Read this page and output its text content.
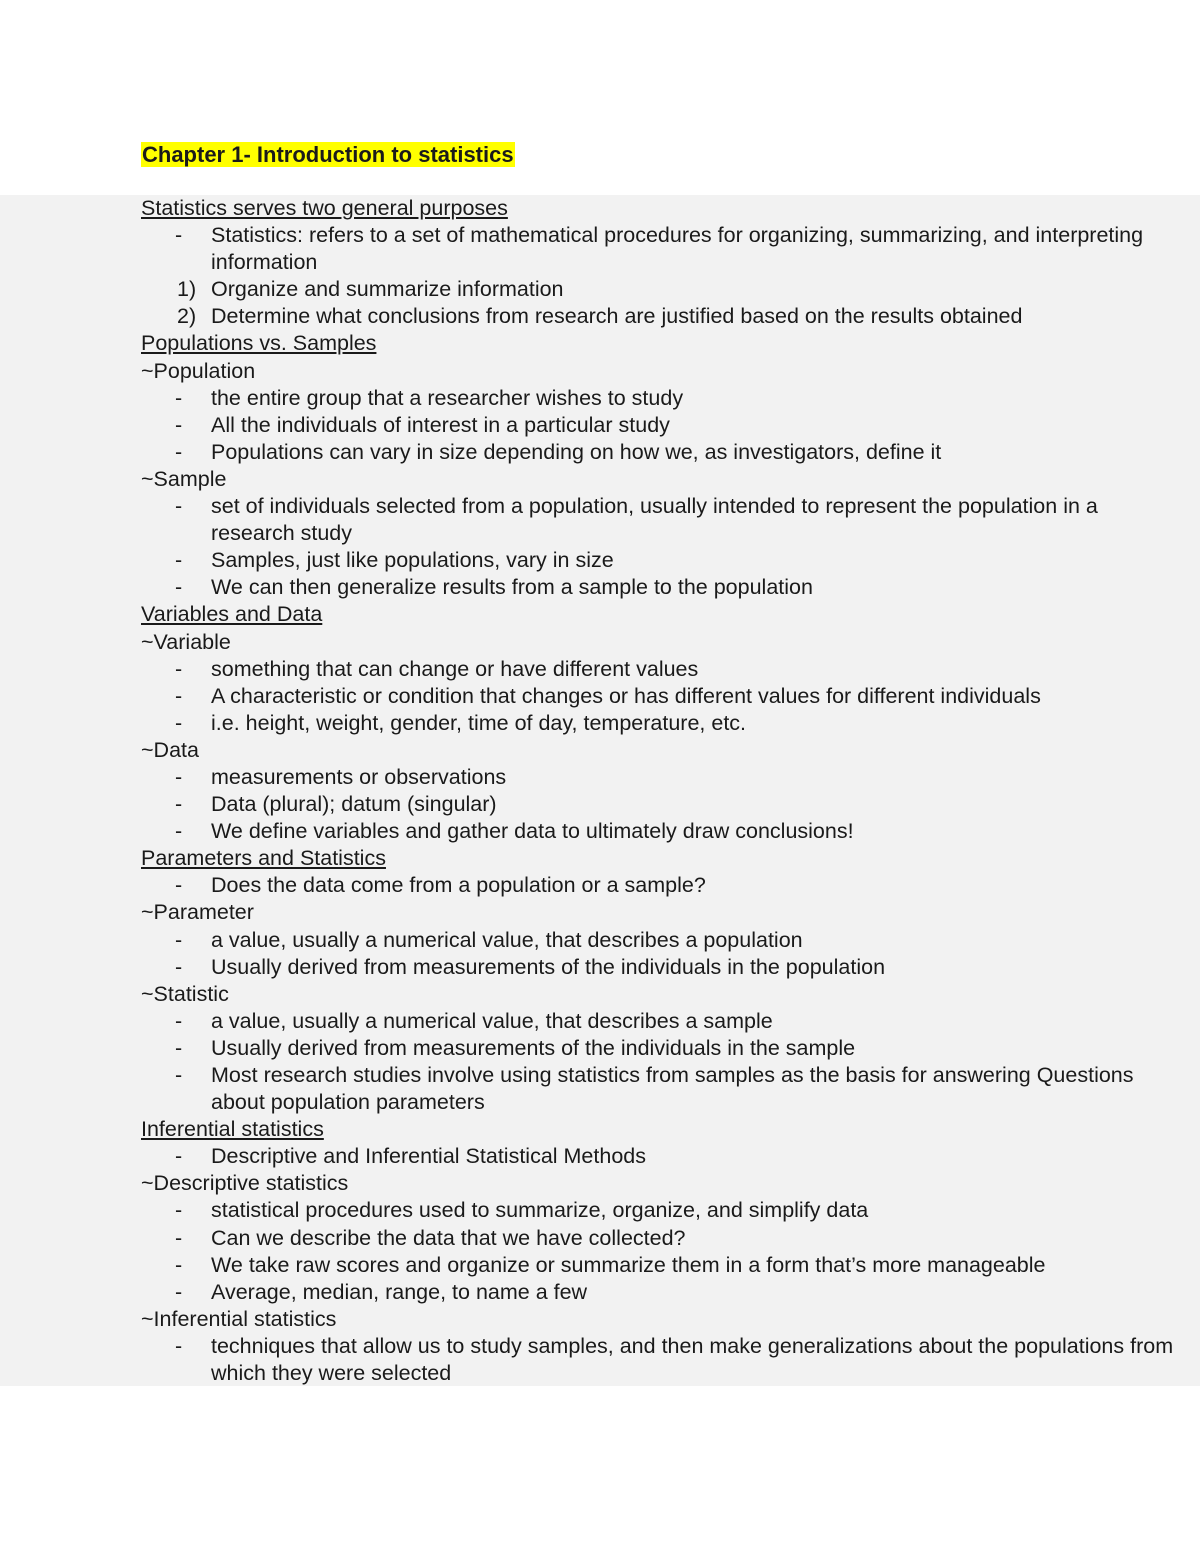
Chapter 1- Introduction to statistics
Statistics serves two general purposes
- Statistics: refers to a set of mathematical procedures for organizing, summarizing, and interpreting information
1) Organize and summarize information
2) Determine what conclusions from research are justified based on the results obtained
Populations vs. Samples
~Population
- the entire group that a researcher wishes to study
- All the individuals of interest in a particular study
- Populations can vary in size depending on how we, as investigators, define it
~Sample
- set of individuals selected from a population, usually intended to represent the population in a research study
- Samples, just like populations, vary in size
- We can then generalize results from a sample to the population
Variables and Data
~Variable
- something that can change or have different values
- A characteristic or condition that changes or has different values for different individuals
- i.e. height, weight, gender, time of day, temperature, etc.
~Data
- measurements or observations
- Data (plural); datum (singular)
- We define variables and gather data to ultimately draw conclusions!
Parameters and Statistics
- Does the data come from a population or a sample?
~Parameter
- a value, usually a numerical value, that describes a population
- Usually derived from measurements of the individuals in the population
~Statistic
- a value, usually a numerical value, that describes a sample
- Usually derived from measurements of the individuals in the sample
- Most research studies involve using statistics from samples as the basis for answering Questions about population parameters
Inferential statistics
- Descriptive and Inferential Statistical Methods
~Descriptive statistics
- statistical procedures used to summarize, organize, and simplify data
- Can we describe the data that we have collected?
- We take raw scores and organize or summarize them in a form that’s more manageable
- Average, median, range, to name a few
~Inferential statistics
- techniques that allow us to study samples, and then make generalizations about the populations from which they were selected
